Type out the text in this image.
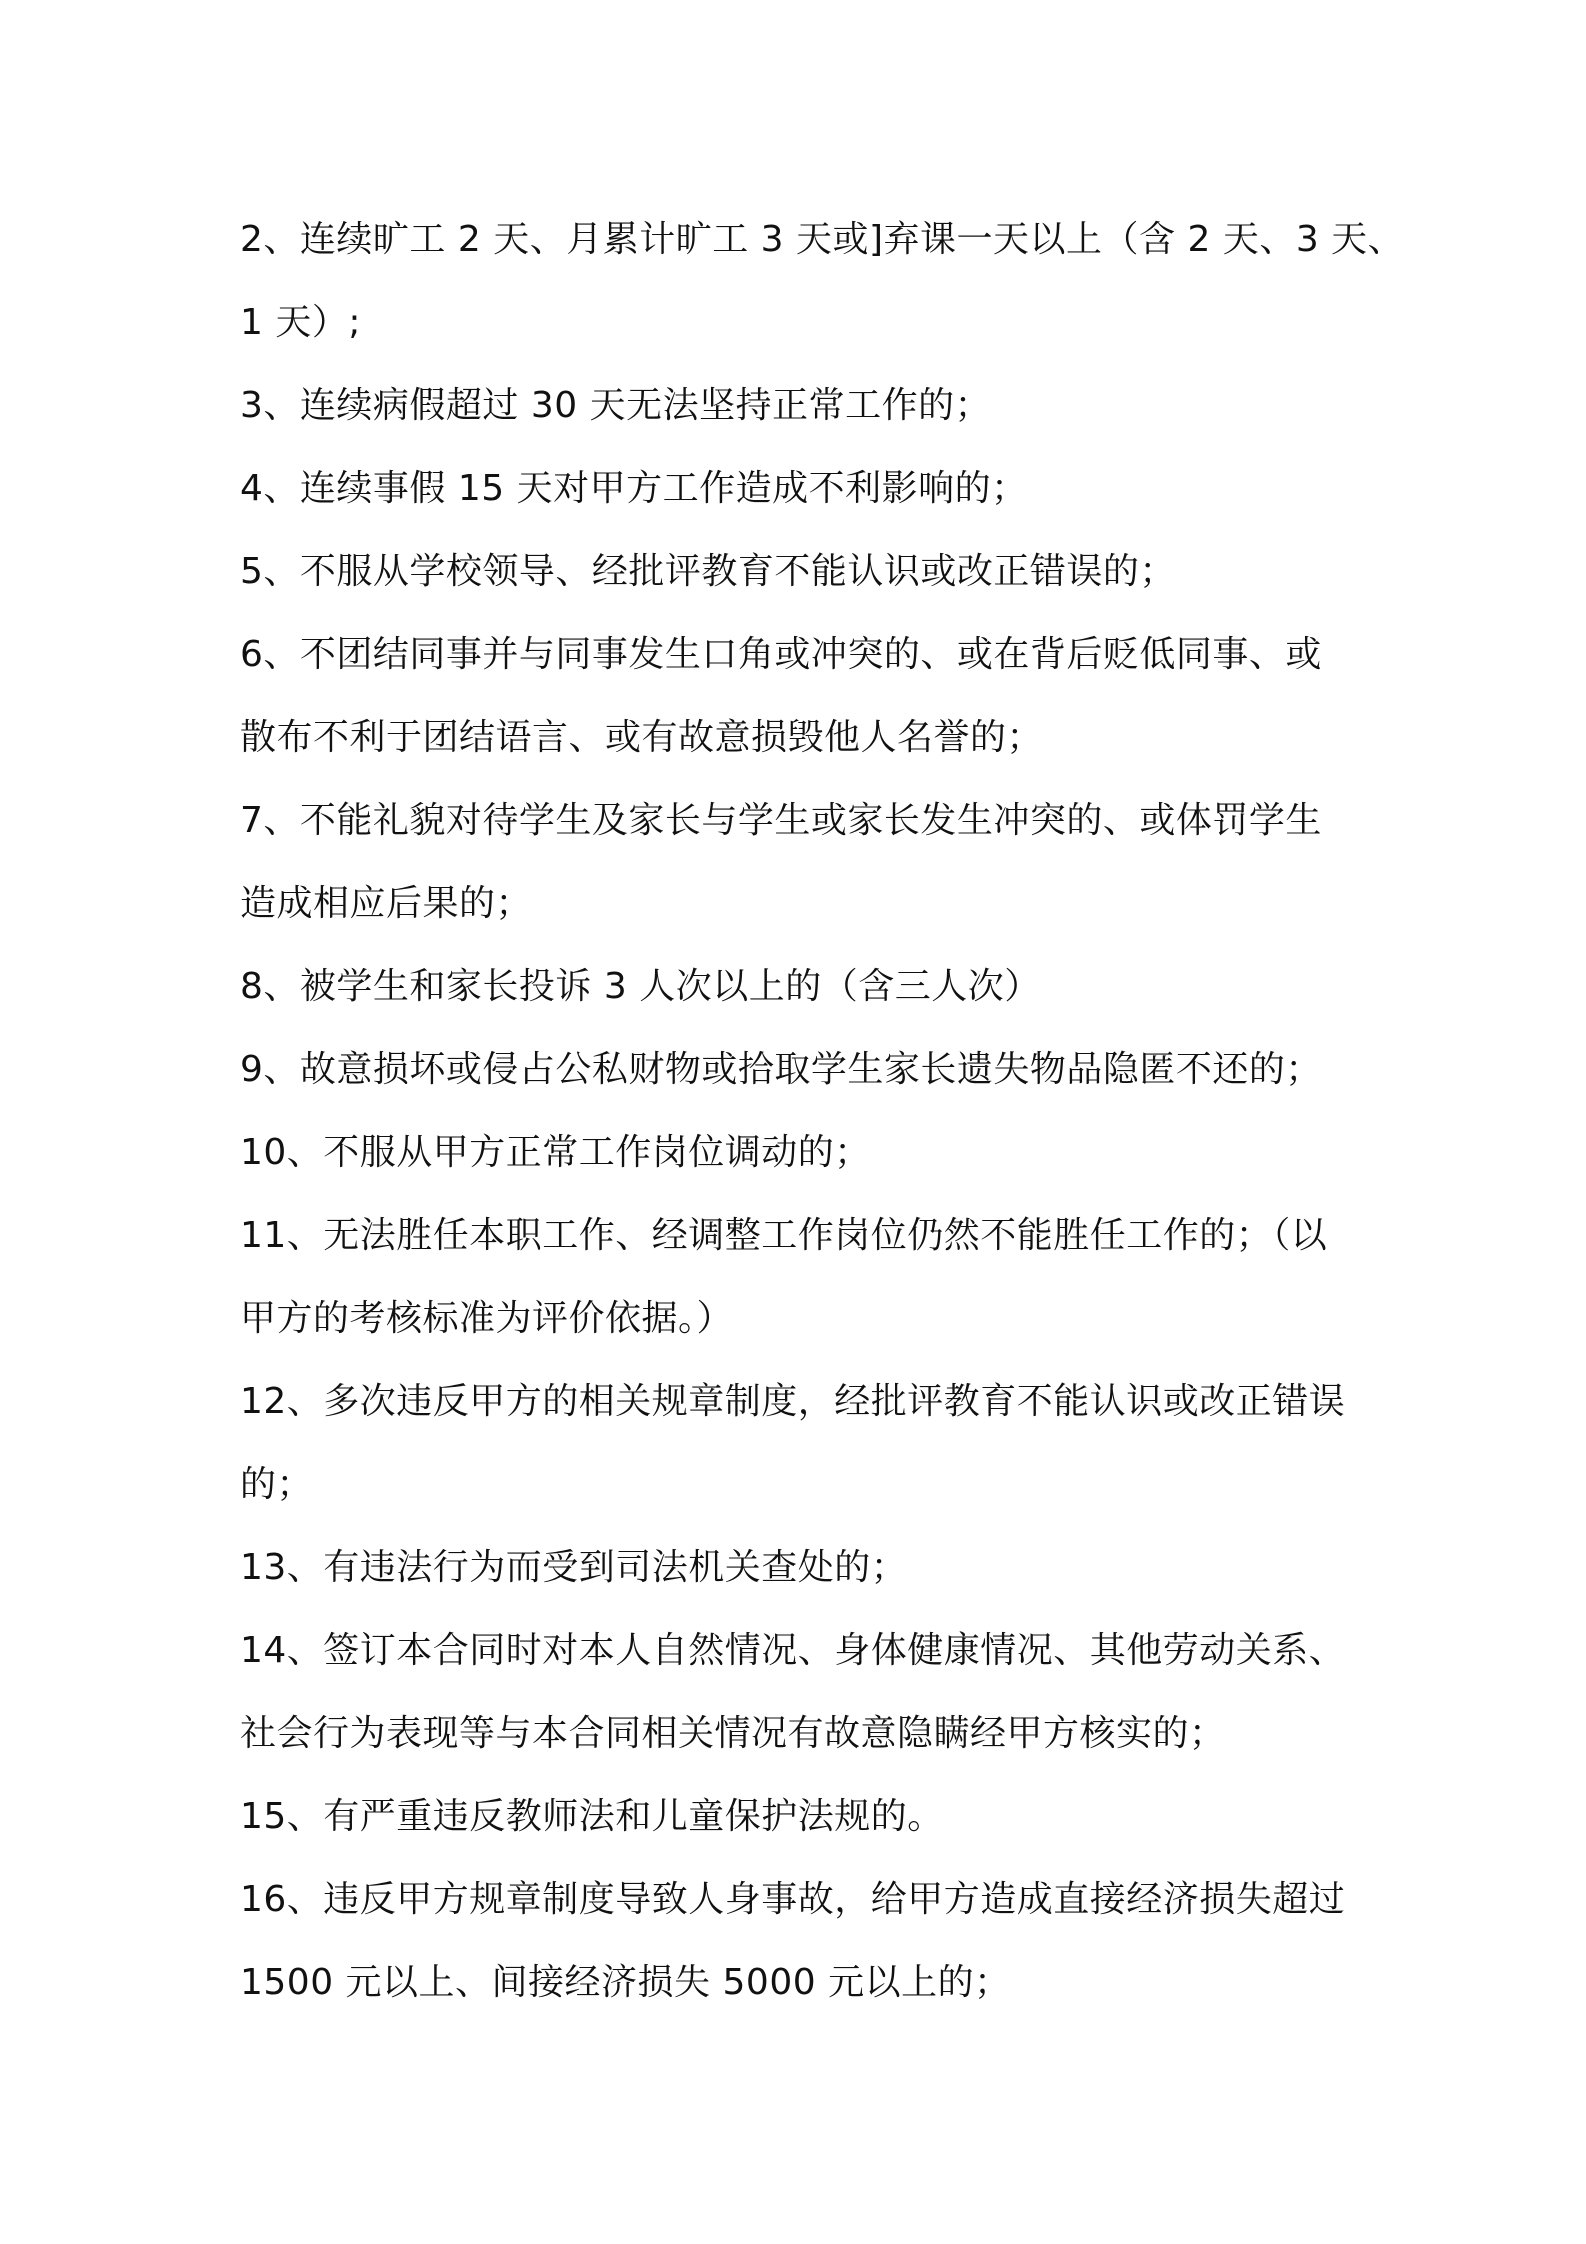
2、连续旷工 2 天、月累计旷工 3 天或]弃课一天以上（含 2 天、3 天、

1 天）;

3、连续病假超过 30 天无法坚持正常工作的；

4、连续事假 15 天对甲方工作造成不利影响的；

5、不服从学校领导、经批评教育不能认识或改正错误的；

6、不团结同事并与同事发生口角或冲突的、或在背后贬低同事、或

散布不利于团结语言、或有故意损毁他人名誉的；

7、不能礼貌对待学生及家长与学生或家长发生冲突的、或体罚学生

造成相应后果的；

8、被学生和家长投诉 3 人次以上的（含三人次）

9、故意损坏或侵占公私财物或拾取学生家长遗失物品隐匿不还的；

10、不服从甲方正常工作岗位调动的；

11、无法胜任本职工作、经调整工作岗位仍然不能胜任工作的；（以

甲方的考核标准为评价依据。）

12、多次违反甲方的相关规章制度，经批评教育不能认识或改正错误

的；

13、有违法行为而受到司法机关查处的；

14、签订本合同时对本人自然情况、身体健康情况、其他劳动关系、

社会行为表现等与本合同相关情况有故意隐瞒经甲方核实的；

15、有严重违反教师法和儿童保护法规的。

16、违反甲方规章制度导致人身事故，给甲方造成直接经济损失超过

1500 元以上、间接经济损失 5000 元以上的；
